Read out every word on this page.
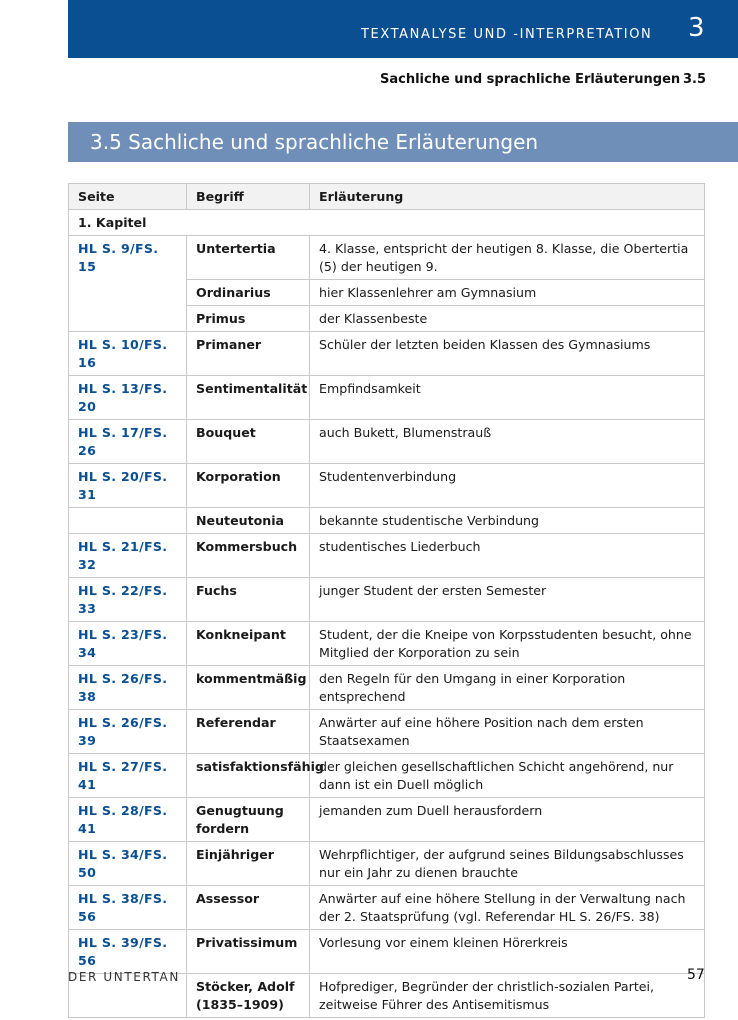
TEXTANALYSE UND -INTERPRETATION 3
Sachliche und sprachliche Erläuterungen 3.5
3.5 Sachliche und sprachliche Erläuterungen
Seite	Begriff	Erläuterung
1. Kapitel		
HL S. 9/FS. 15	Untertertia	4. Klasse, entspricht der heutigen 8. Klasse, die Obertertia (5) der heutigen 9.
	Ordinarius	hier Klassenlehrer am Gymnasium
	Primus	der Klassenbeste
HL S. 10/FS. 16	Primaner	Schüler der letzten beiden Klassen des Gymnasiums
HL S. 13/FS. 20	Sentimentalität	Empfindsamkeit
HL S. 17/FS. 26	Bouquet	auch Bukett, Blumenstrauß
HL S. 20/FS. 31	Korporation	Studentenverbindung
	Neuteutonia	bekannte studentische Verbindung
HL S. 21/FS. 32	Kommersbuch	studentisches Liederbuch
HL S. 22/FS. 33	Fuchs	junger Student der ersten Semester
HL S. 23/FS. 34	Konkneipant	Student, der die Kneipe von Korpsstudenten besucht, ohne Mitglied der Korporation zu sein
HL S. 26/FS. 38	kommentmäßig	den Regeln für den Umgang in einer Korporation entsprechend
HL S. 26/FS. 39	Referendar	Anwärter auf eine höhere Position nach dem ersten Staatsexamen
HL S. 27/FS. 41	satisfaktionsfähig	der gleichen gesellschaftlichen Schicht angehörend, nur dann ist ein Duell möglich
HL S. 28/FS. 41	Genugtuung fordern	jemanden zum Duell herausfordern
HL S. 34/FS. 50	Einjähriger	Wehrpflichtiger, der aufgrund seines Bildungsabschlusses nur ein Jahr zu dienen brauchte
HL S. 38/FS. 56	Assessor	Anwärter auf eine höhere Stellung in der Verwaltung nach der 2. Staatsprüfung (vgl. Referendar HL S. 26/FS. 38)
HL S. 39/FS. 56	Privatissimum	Vorlesung vor einem kleinen Hörerkreis
	Stöcker, Adolf (1835–1909)	Hofprediger, Begründer der christlich-sozialen Partei, zeitweise Führer des Antisemitismus
DER UNTERTAN	57
